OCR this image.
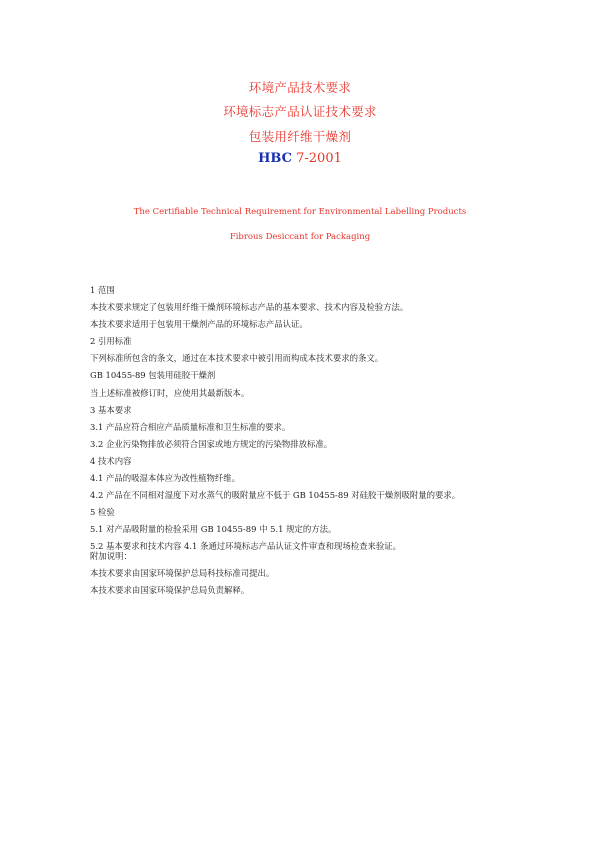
环境产品技术要求
环境标志产品认证技术要求
包装用纤维干燥剂
HBC 7-2001
The Certifiable Technical Requirement for Environmental Labelling Products
Fibrous Desiccant for Packaging
1 范围
本技术要求规定了包装用纤维干燥剂环境标志产品的基本要求、技术内容及检验方法。
本技术要求适用于包装用干燥剂产品的环境标志产品认证。
2 引用标准
下列标准所包含的条文，通过在本技术要求中被引用而构成本技术要求的条文。
GB 10455-89 包装用硅胶干燥剂
当上述标准被修订时，应使用其最新版本。
3 基本要求
3.1 产品应符合相应产品质量标准和卫生标准的要求。
3.2 企业污染物排放必须符合国家或地方规定的污染物排放标准。
4 技术内容
4.1 产品的吸湿本体应为改性植物纤维。
4.2 产品在不同相对湿度下对水蒸气的吸附量应不低于 GB 10455-89 对硅胶干燥剂吸附量的要求。
5 检验
5.1 对产品吸附量的检验采用 GB 10455-89 中 5.1 规定的方法。
5.2 基本要求和技术内容 4.1 条通过环境标志产品认证文件审查和现场检查来验证。
附加说明：
本技术要求由国家环境保护总局科技标准司提出。
本技术要求由国家环境保护总局负责解释。
